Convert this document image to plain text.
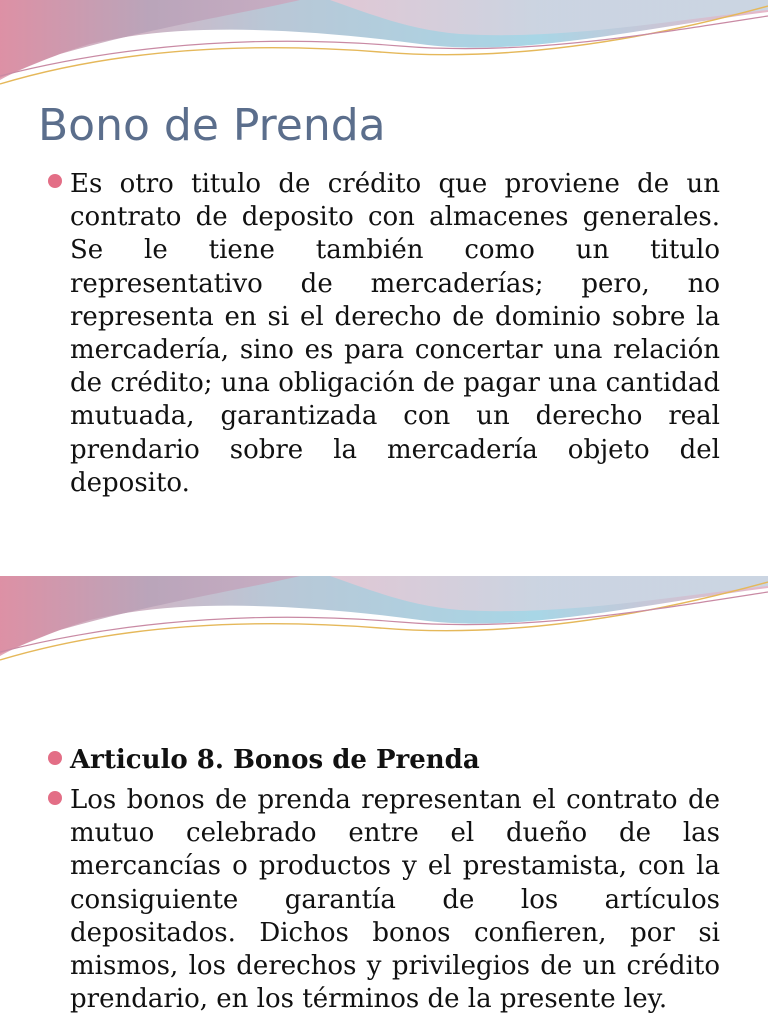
Bono de Prenda

Es otro titulo de crédito que proviene de un contrato de deposito con almacenes generales. Se le tiene también como un titulo representativo de mercaderías; pero, no representa en si el derecho de dominio sobre la mercadería, sino es para concertar una relación de crédito; una obligación de pagar una cantidad mutuada, garantizada con un derecho real prendario sobre la mercadería objeto del deposito.

Articulo 8. Bonos de Prenda

Los bonos de prenda representan el contrato de mutuo celebrado entre el dueño de las mercancías o productos y el prestamista, con la consiguiente garantía de los artículos depositados. Dichos bonos confieren, por si mismos, los derechos y privilegios de un crédito prendario, en los términos de la presente ley.
